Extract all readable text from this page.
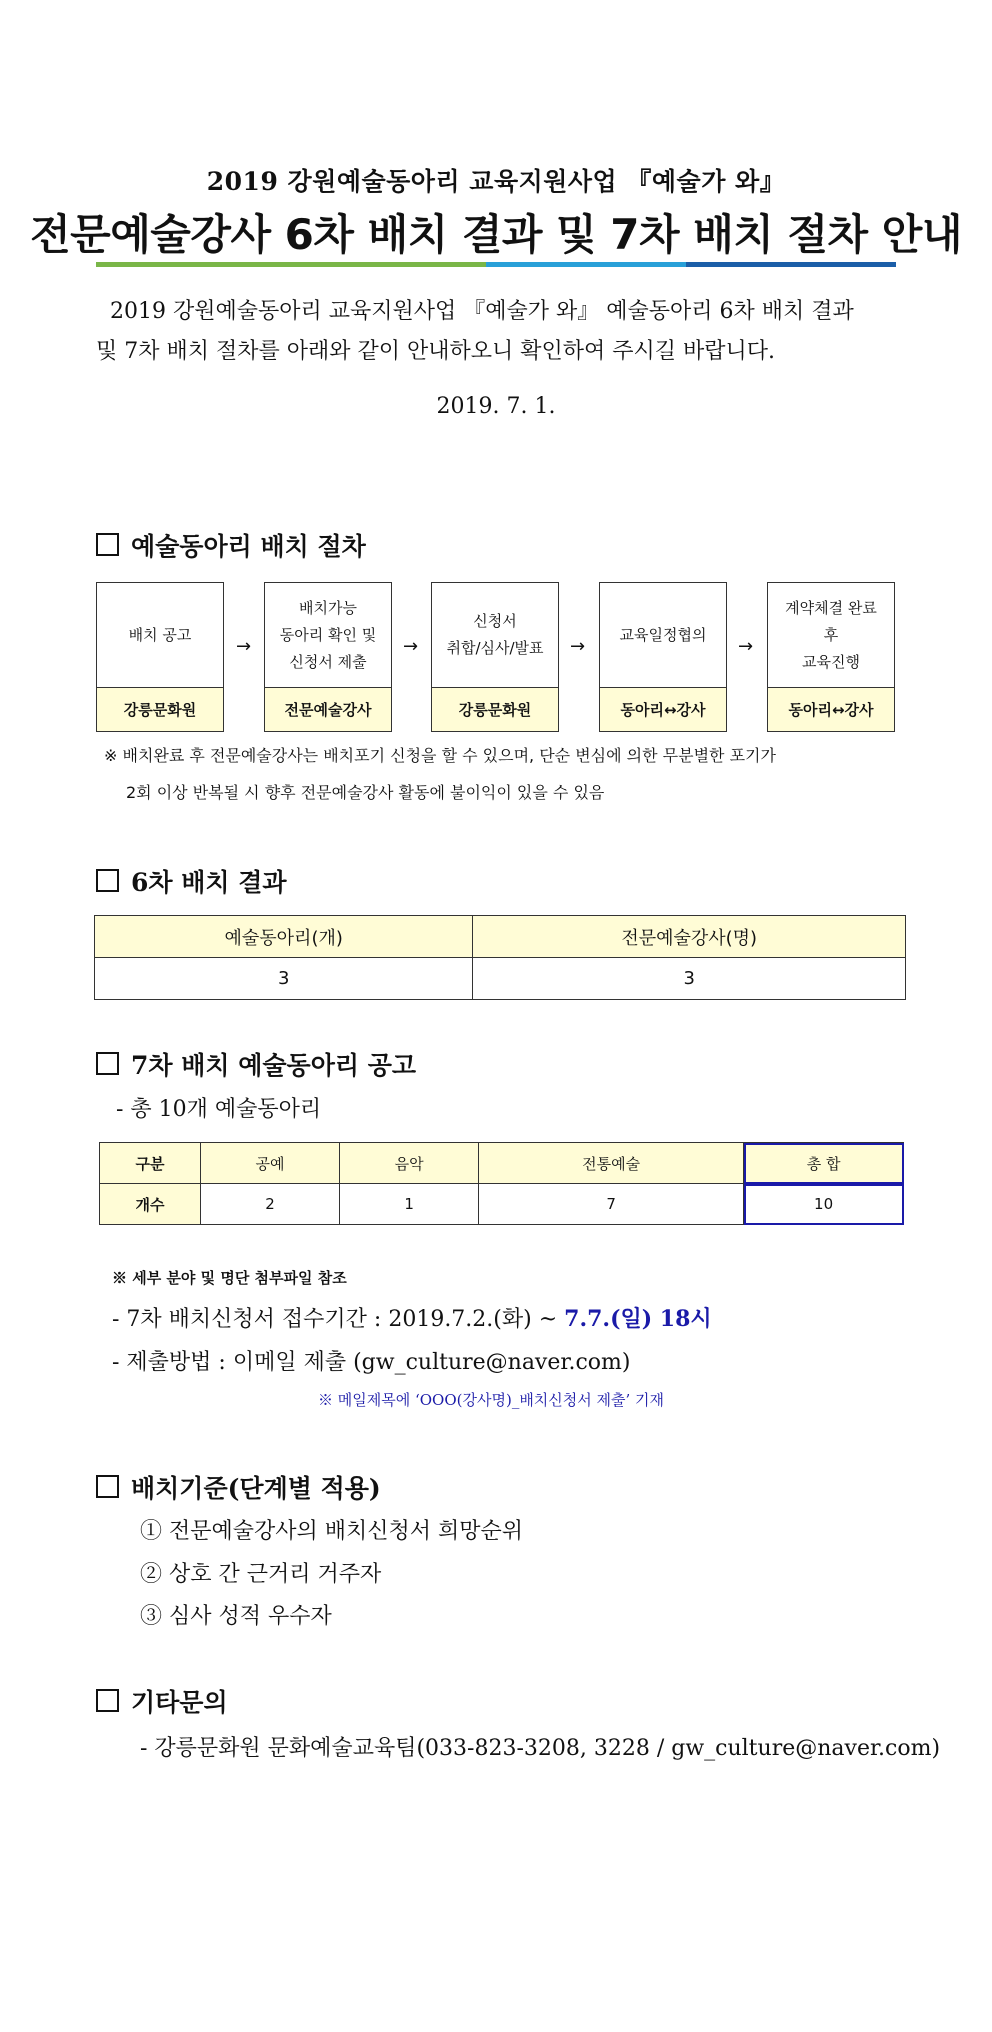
2019 강원예술동아리 교육지원사업 『예술가 와』
전문예술강사 6차 배치 결과 및 7차 배치 절차 안내
2019 강원예술동아리 교육지원사업 『예술가 와』 예술동아리 6차 배치 결과
및 7차 배치 절차를 아래와 같이 안내하오니 확인하여 주시길 바랍니다.
2019. 7. 1.
예술동아리 배치 절차
배치 공고
강릉문화원
→
배치가능
동아리 확인 및
신청서 제출
전문예술강사
→
신청서
취합/심사/발표
강릉문화원
→
교육일정협의
동아리↔강사
→
계약체결 완료
후
교육진행
동아리↔강사
※ 배치완료 후 전문예술강사는 배치포기 신청을 할 수 있으며, 단순 변심에 의한 무분별한 포기가
2회 이상 반복될 시 향후 전문예술강사 활동에 불이익이 있을 수 있음
6차 배치 결과
예술동아리(개)	전문예술강사(명)
3	3
7차 배치 예술동아리 공고
- 총 10개 예술동아리
구분	공예	음악	전통예술	총 합
개수	2	1	7	10
※ 세부 분야 및 명단 첨부파일 참조
- 7차 배치신청서 접수기간 : 2019.7.2.(화) ~ 7.7.(일) 18시
- 제출방법 : 이메일 제출 (gw_culture@naver.com)
※ 메일제목에 ‘OOO(강사명)_배치신청서 제출’ 기재
배치기준(단계별 적용)
① 전문예술강사의 배치신청서 희망순위
② 상호 간 근거리 거주자
③ 심사 성적 우수자
기타문의
- 강릉문화원 문화예술교육팀(033-823-3208, 3228 / gw_culture@naver.com)
